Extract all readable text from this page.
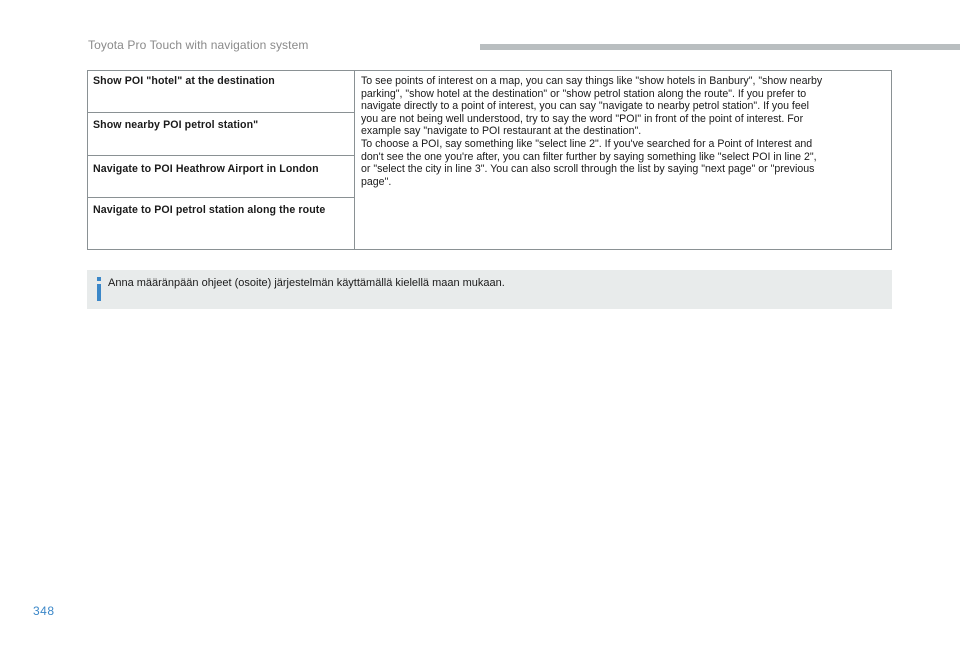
Toyota Pro Touch with navigation system
Show POI "hotel" at the destination	To see points of interest on a map, you can say things like "show hotels in Banbury", "show nearby
parking", "show hotel at the destination" or "show petrol station along the route". If you prefer to
navigate directly to a point of interest, you can say "navigate to nearby petrol station". If you feel
you are not being well understood, try to say the word "POI" in front of the point of interest. For
example say "navigate to POI restaurant at the destination".
To choose a POI, say something like "select line 2". If you've searched for a Point of Interest and
don't see the one you're after, you can filter further by saying something like "select POI in line 2",
or "select the city in line 3". You can also scroll through the list by saying "next page" or "previous
page".

Show nearby POI petrol station"
Navigate to POI Heathrow Airport in London
Navigate to POI petrol station along the route
Anna määränpään ohjeet (osoite) järjestelmän käyttämällä kielellä maan mukaan.
348
